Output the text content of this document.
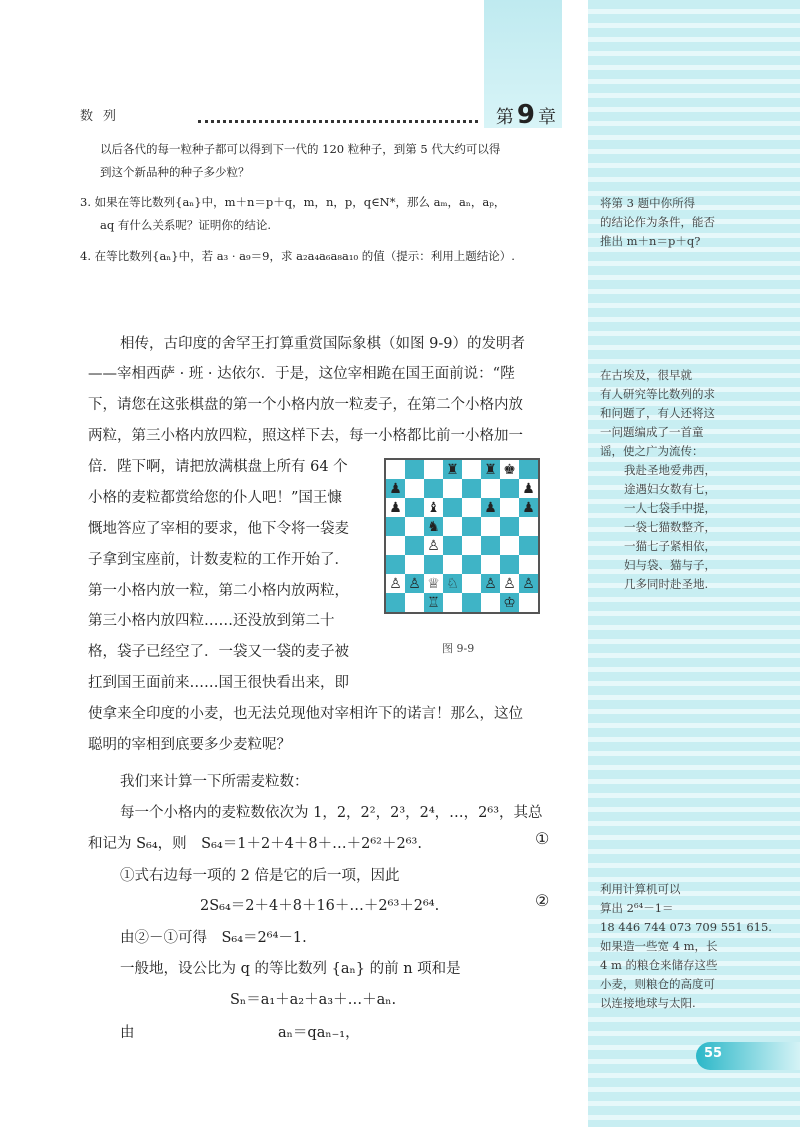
数列	第 9 章
以后各代的每一粒种子都可以得到下一代的 120 粒种子，到第 5 代大约可以得
到这个新品种的种子多少粒？
3. 如果在等比数列{aₙ}中，m＋n＝p＋q，m，n，p，q∈N*，那么 aₘ，aₙ，aₚ，
aq 有什么关系呢？证明你的结论.
4. 在等比数列{aₙ}中，若 a₃ · a₉＝9，求 a₂a₄a₆a₈a₁₀ 的值（提示：利用上题结论）.
相传，古印度的舍罕王打算重赏国际象棋（如图 9-9）的发明者
——宰相西萨 · 班 · 达依尔．于是，这位宰相跪在国王面前说：“陛
下，请您在这张棋盘的第一个小格内放一粒麦子，在第二个小格内放
两粒，第三小格内放四粒，照这样下去，每一小格都比前一小格加一
倍．陛下啊，请把放满棋盘上所有 64 个
小格的麦粒都赏给您的仆人吧！”国王慷
慨地答应了宰相的要求，他下令将一袋麦
子拿到宝座前，计数麦粒的工作开始了．
第一小格内放一粒，第二小格内放两粒，
第三小格内放四粒……还没放到第二十
格，袋子已经空了．一袋又一袋的麦子被
扛到国王面前来……国王很快看出来，即
使拿来全印度的小麦，也无法兑现他对宰相许下的诺言！那么，这位
聪明的宰相到底要多少麦粒呢？
♜ ♜ ♚
♟	♟
♟ ♝	♟ ♟
♞
♙
♙ ♙ ♕ ♘ ♙ ♙ ♙
♖	♔
图 9-9
我们来计算一下所需麦粒数：
每一个小格内的麦粒数依次为 1，2，2²，2³，2⁴，…，2⁶³，其总
和记为 S₆₄，则　S₆₄＝1＋2＋4＋8＋…＋2⁶²＋2⁶³.	①
①式右边每一项的 2 倍是它的后一项，因此
2S₆₄＝2＋4＋8＋16＋…＋2⁶³＋2⁶⁴.	②
由②－①可得　S₆₄＝2⁶⁴－1.
一般地，设公比为 q 的等比数列 {aₙ} 的前 n 项和是
Sₙ＝a₁＋a₂＋a₃＋…＋aₙ.
由	aₙ＝qaₙ₋₁，
将第 3 题中你所得
的结论作为条件，能否
推出 m＋n＝p＋q?
在古埃及，很早就
有人研究等比数列的求
和问题了，有人还将这
一问题编成了一首童
谣，使之广为流传：
我赴圣地爱弗西，
途遇妇女数有七，
一人七袋手中提，
一袋七猫数整齐，
一猫七子紧相依，
妇与袋、猫与子，
几多同时赴圣地.
利用计算机可以
算出 2⁶⁴－1＝
18 446 744 073 709 551 615.
如果造一些宽 4 m，长
4 m 的粮仓来储存这些
小麦，则粮仓的高度可
以连接地球与太阳.
55
